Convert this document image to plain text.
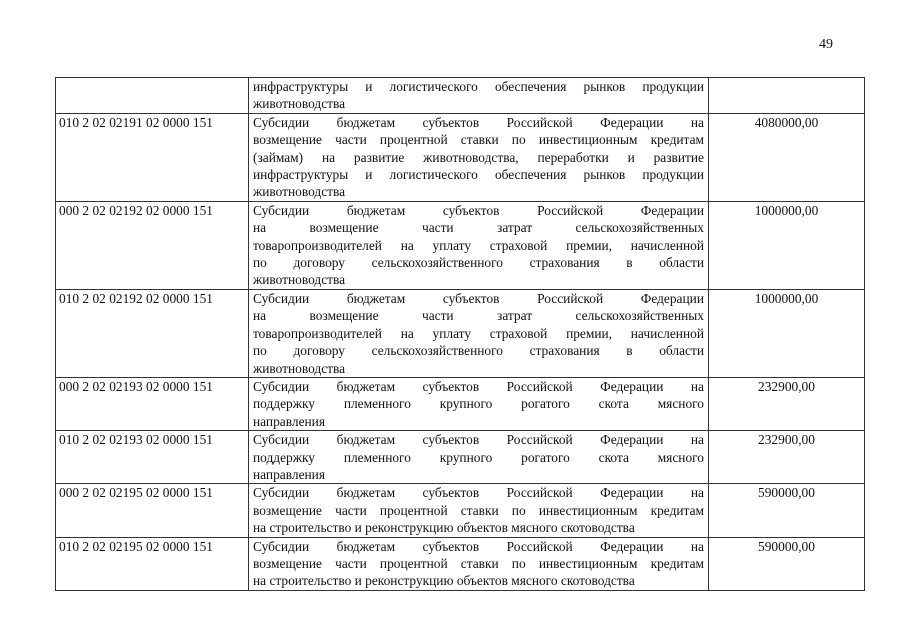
49

	инфраструктуры и логистического обеспечения рынков продукции
животноводства	

010 2 02 02191 02 0000 151	Субсидии бюджетам субъектов Российской Федерации на
возмещение части процентной ставки по инвестиционным кредитам
(займам) на развитие животноводства, переработки и развитие
инфраструктуры и логистического обеспечения рынков продукции
животноводства	4080000,00
000 2 02 02192 02 0000 151	Субсидии бюджетам субъектов Российской Федерации
на возмещение части затрат сельскохозяйственных
товаропроизводителей на уплату страховой премии, начисленной
по договору сельскохозяйственного страхования в области
животноводства	1000000,00
010 2 02 02192 02 0000 151	Субсидии бюджетам субъектов Российской Федерации
на возмещение части затрат сельскохозяйственных
товаропроизводителей на уплату страховой премии, начисленной
по договору сельскохозяйственного страхования в области
животноводства	1000000,00
000 2 02 02193 02 0000 151	Субсидии бюджетам субъектов Российской Федерации на
поддержку племенного крупного рогатого скота мясного
направления	232900,00
010 2 02 02193 02 0000 151	Субсидии бюджетам субъектов Российской Федерации на
поддержку племенного крупного рогатого скота мясного
направления	232900,00
000 2 02 02195 02 0000 151	Субсидии бюджетам субъектов Российской Федерации на
возмещение части процентной ставки по инвестиционным кредитам
на строительство и реконструкцию объектов мясного скотоводства	590000,00
010 2 02 02195 02 0000 151	Субсидии бюджетам субъектов Российской Федерации на
возмещение части процентной ставки по инвестиционным кредитам
на строительство и реконструкцию объектов мясного скотоводства	590000,00
